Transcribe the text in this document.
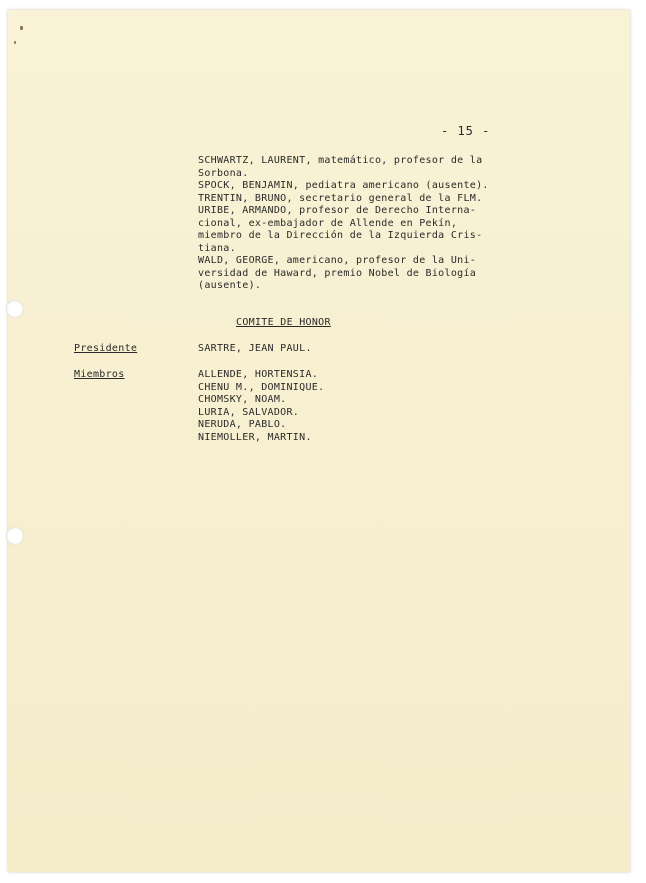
- 15 -
SCHWARTZ, LAURENT, matemático, profesor de la
Sorbona.
SPOCK, BENJAMIN, pediatra americano (ausente).
TRENTIN, BRUNO, secretario general de la FLM.
URIBE, ARMANDO, profesor de Derecho Interna-
cional, ex-embajador de Allende en Pekín,
miembro de la Dirección de la Izquierda Cris-
tiana.
WALD, GEORGE, americano, profesor de la Uni-
versidad de Haward, premio Nobel de Biología
(ausente).
COMITE DE HONOR
Presidente	SARTRE, JEAN PAUL.
Miembros	ALLENDE, HORTENSIA.
CHENU M., DOMINIQUE.
CHOMSKY, NOAM.
LURIA, SALVADOR.
NERUDA, PABLO.
NIEMOLLER, MARTIN.
